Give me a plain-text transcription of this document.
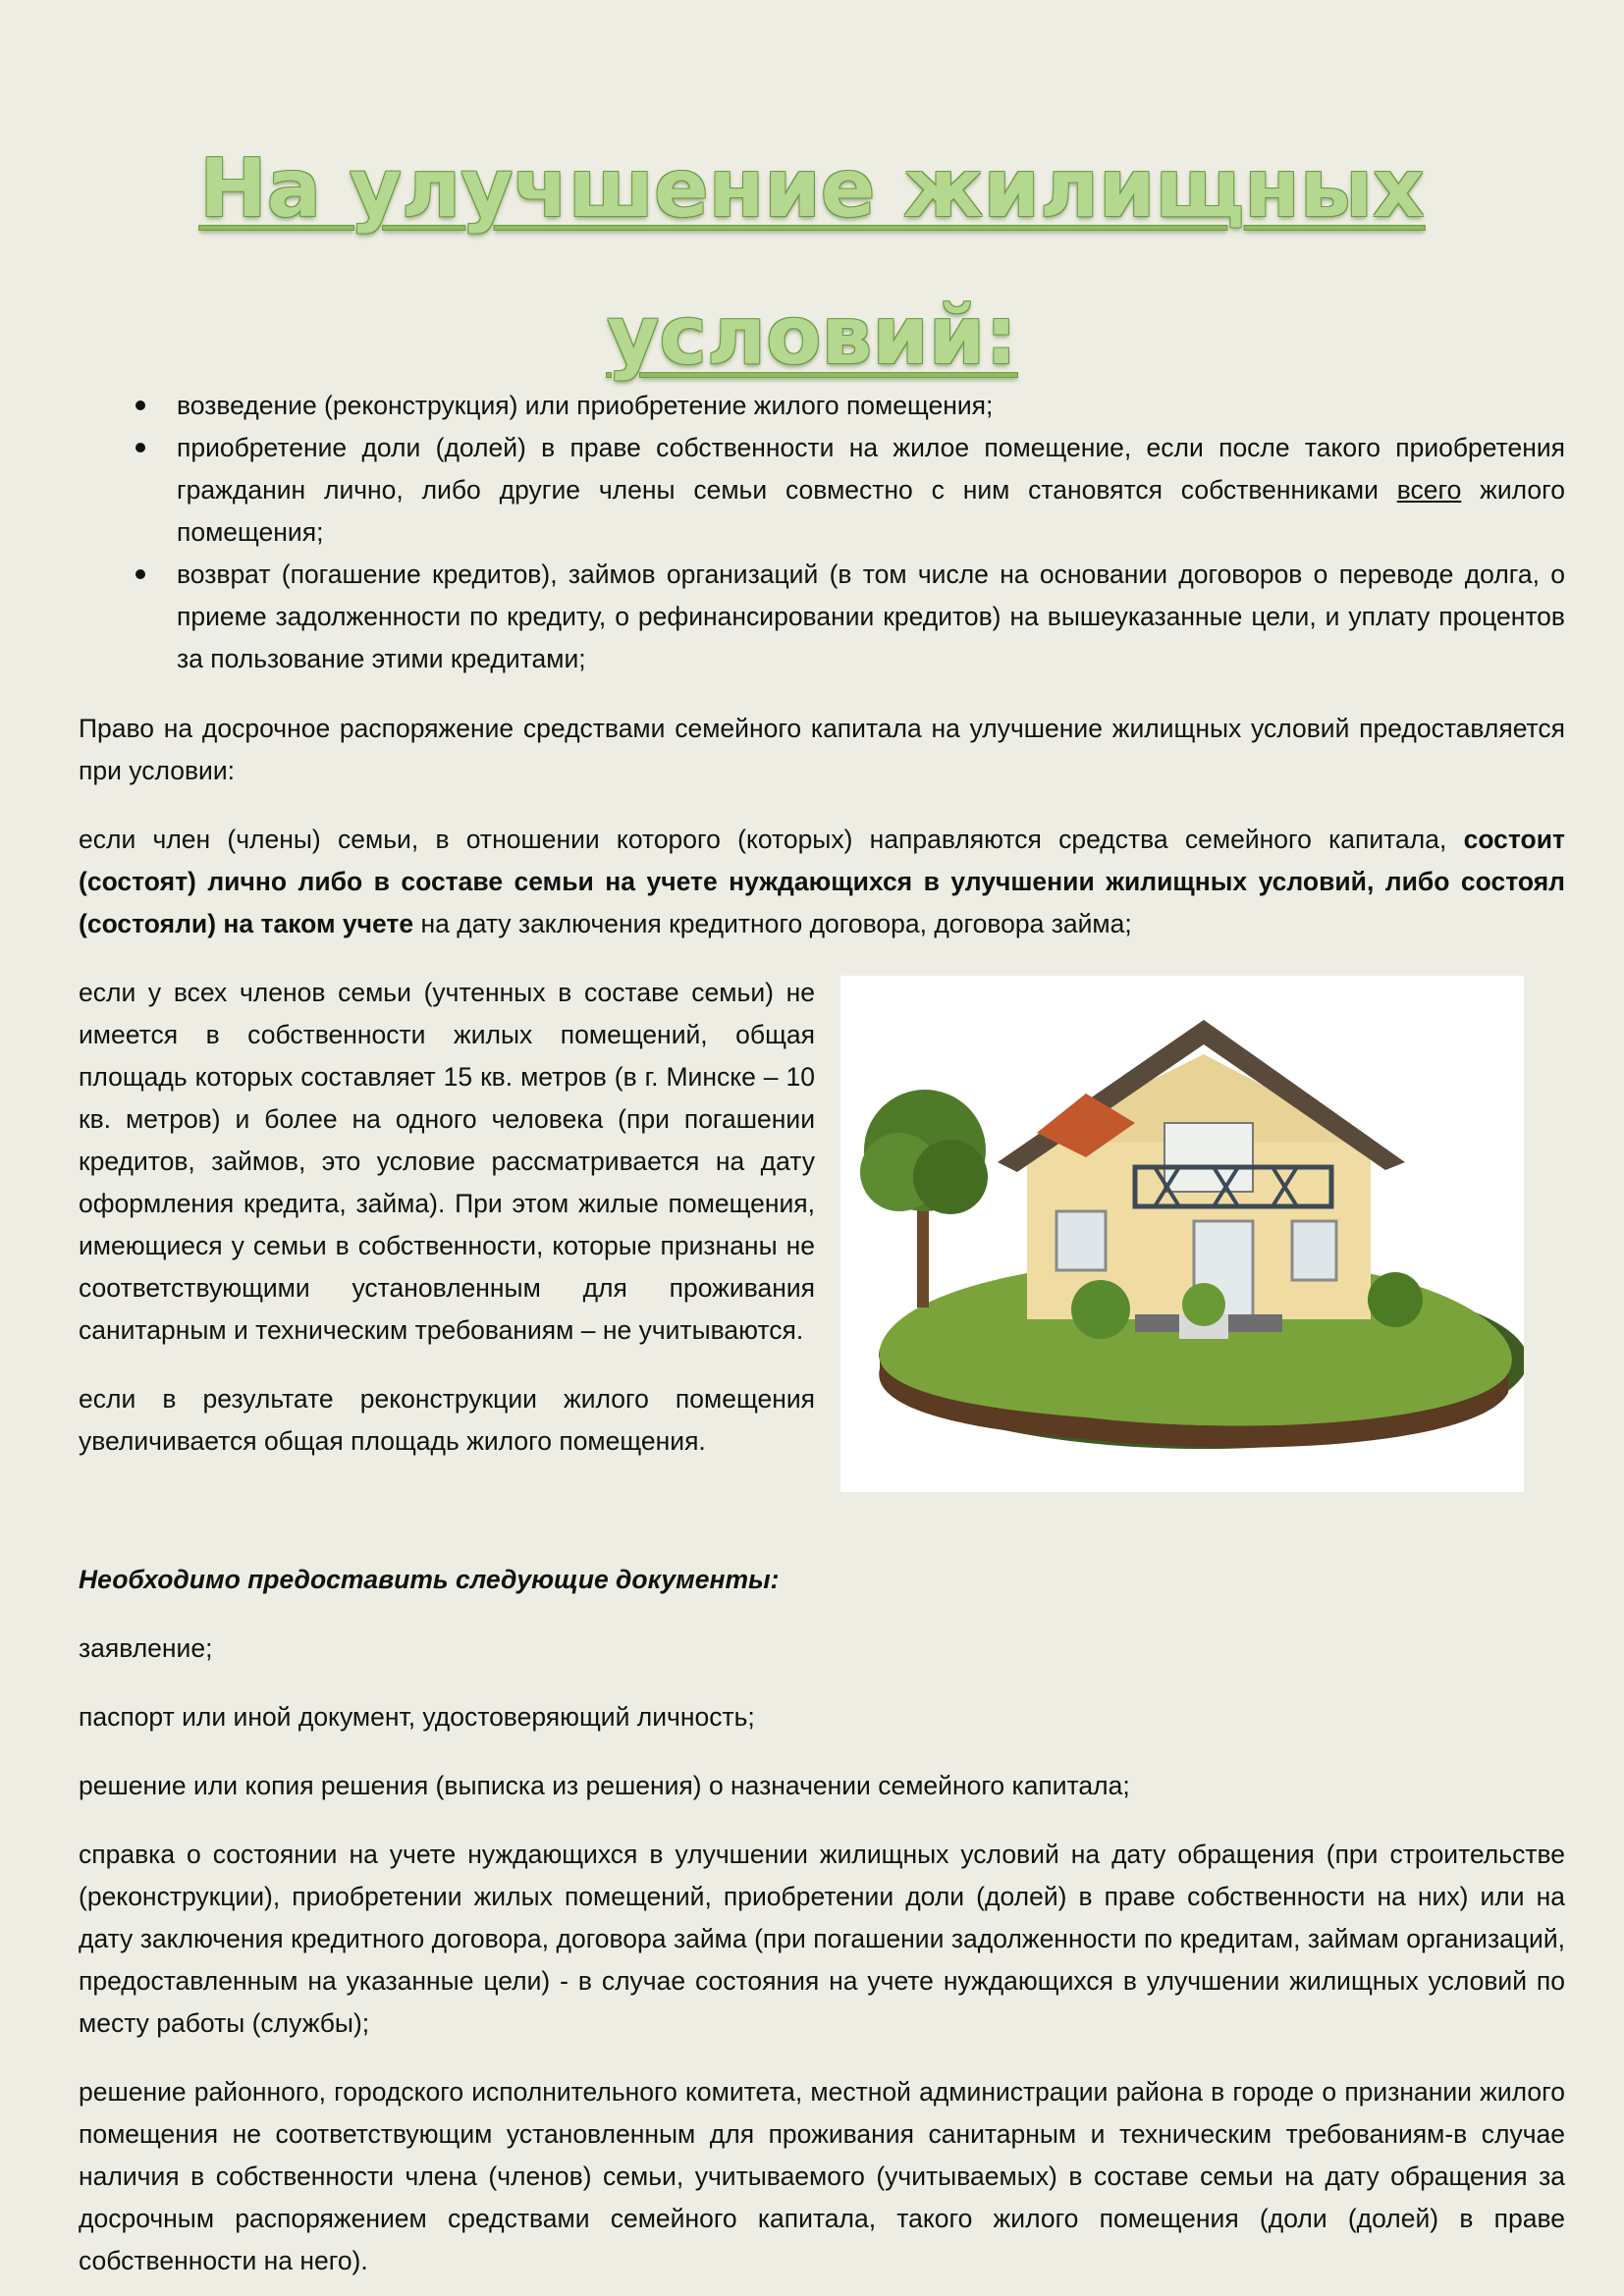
На улучшение жилищных
условий:
возведение (реконструкция) или приобретение жилого помещения;
приобретение доли (долей) в праве собственности на жилое помещение, если после такого приобретения гражданин лично, либо другие члены семьи совместно с ним становятся собственниками всего жилого помещения;
возврат (погашение кредитов), займов организаций (в том числе на основании договоров о переводе долга, о приеме задолженности по кредиту, о рефинансировании кредитов) на вышеуказанные цели, и уплату процентов за пользование этими кредитами;

Право на досрочное распоряжение средствами семейного капитала на улучшение жилищных условий предоставляется при условии:

если член (члены) семьи, в отношении которого (которых) направляются средства семейного капитала, состоит (состоят) лично либо в составе семьи на учете нуждающихся в улучшении жилищных условий, либо состоял (состояли) на таком учете на дату заключения кредитного договора, договора займа;

если у всех членов семьи (учтенных в составе семьи) не имеется в собственности жилых помещений, общая площадь которых составляет 15 кв. метров (в г. Минске – 10 кв. метров) и более на одного человека (при погашении кредитов, займов, это условие рассматривается на дату оформления кредита, займа). При этом жилые помещения, имеющиеся у семьи в собственности, которые признаны не соответствующими установленным для проживания санитарным и техническим требованиям – не учитываются.

если в результате реконструкции жилого помещения увеличивается общая площадь жилого помещения.

Необходимо предоставить следующие документы:

заявление;

паспорт или иной документ, удостоверяющий личность;

решение или копия решения (выписка из решения) о назначении семейного капитала;

справка о состоянии на учете нуждающихся в улучшении жилищных условий на дату обращения (при строительстве (реконструкции), приобретении жилых помещений, приобретении доли (долей) в праве собственности на них) или на дату заключения кредитного договора, договора займа (при погашении задолженности по кредитам, займам организаций, предоставленным на указанные цели) - в случае состояния на учете нуждающихся в улучшении жилищных условий по месту работы (службы);

решение районного, городского исполнительного комитета, местной администрации района в городе о признании жилого помещения не соответствующим установленным для проживания санитарным и техническим требованиям-в случае наличия в собственности члена (членов) семьи, учитываемого (учитываемых) в составе семьи на дату обращения за досрочным распоряжением средствами семейного капитала, такого жилого помещения (доли (долей) в праве собственности на него).
